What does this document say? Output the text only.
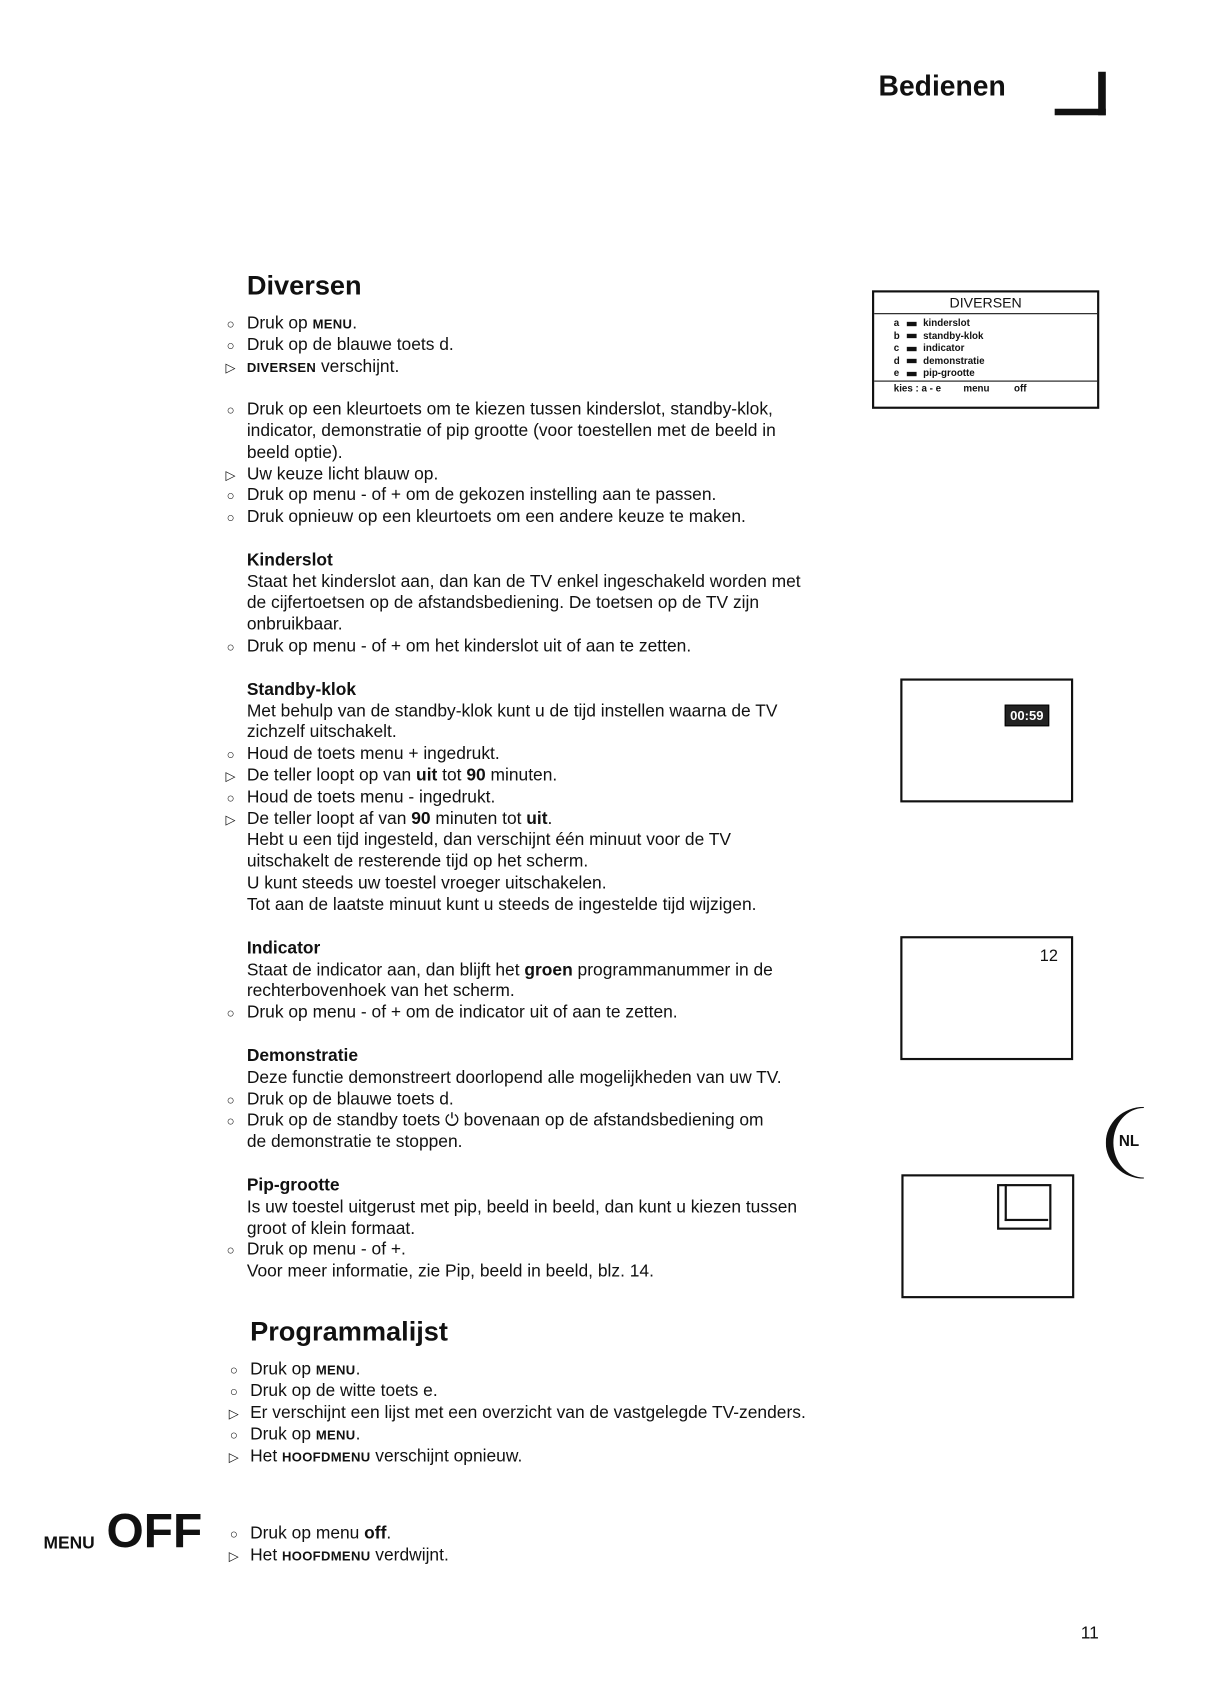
Bedienen
Diversen
Programmalijst
○ Druk op MENU.
○ Druk op de blauwe toets d.
▷ DIVERSEN verschijnt.
○ Druk op een kleurtoets om te kiezen tussen kinderslot, standby-klok,
indicator, demonstratie of pip grootte (voor toestellen met de beeld in
beeld optie).
▷ Uw keuze licht blauw op.
○ Druk op menu - of + om de gekozen instelling aan te passen.
○ Druk opnieuw op een kleurtoets om een andere keuze te maken.
Kinderslot
Staat het kinderslot aan, dan kan de TV enkel ingeschakeld worden met
de cijfertoetsen op de afstandsbediening. De toetsen op de TV zijn
onbruikbaar.
○ Druk op menu - of + om het kinderslot uit of aan te zetten.
Standby-klok
Met behulp van de standby-klok kunt u de tijd instellen waarna de TV
zichzelf uitschakelt.
○ Houd de toets menu + ingedrukt.
▷ De teller loopt op van uit tot 90 minuten.
○ Houd de toets menu - ingedrukt.
▷ De teller loopt af van 90 minuten tot uit.
Hebt u een tijd ingesteld, dan verschijnt één minuut voor de TV
uitschakelt de resterende tijd op het scherm.
U kunt steeds uw toestel vroeger uitschakelen.
Tot aan de laatste minuut kunt u steeds de ingestelde tijd wijzigen.
Indicator
Staat de indicator aan, dan blijft het groen programmanummer in de
rechterbovenhoek van het scherm.
○ Druk op menu - of + om de indicator uit of aan te zetten.
Demonstratie
Deze functie demonstreert doorlopend alle mogelijkheden van uw TV.
○ Druk op de blauwe toets d.
○ Druk op de standby toets ⏻ bovenaan op de afstandsbediening om
de demonstratie te stoppen.
Pip-grootte
Is uw toestel uitgerust met pip, beeld in beeld, dan kunt u kiezen tussen
groot of klein formaat.
○ Druk op menu - of +.
Voor meer informatie, zie Pip, beeld in beeld, blz. 14.
○ Druk op MENU.
○ Druk op de witte toets e.
▷ Er verschijnt een lijst met een overzicht van de vastgelegde TV-zenders.
○ Druk op MENU.
▷ Het HOOFDMENU verschijnt opnieuw.
○ Druk op menu off.
▷ Het HOOFDMENU verdwijnt.
DIVERSEN
a	kinderslot
b	standby-klok
c	indicator
d	demonstratie
e	pip-grootte
kies : a - e menu	off
00:59
12
NL
MENU OFF
11
